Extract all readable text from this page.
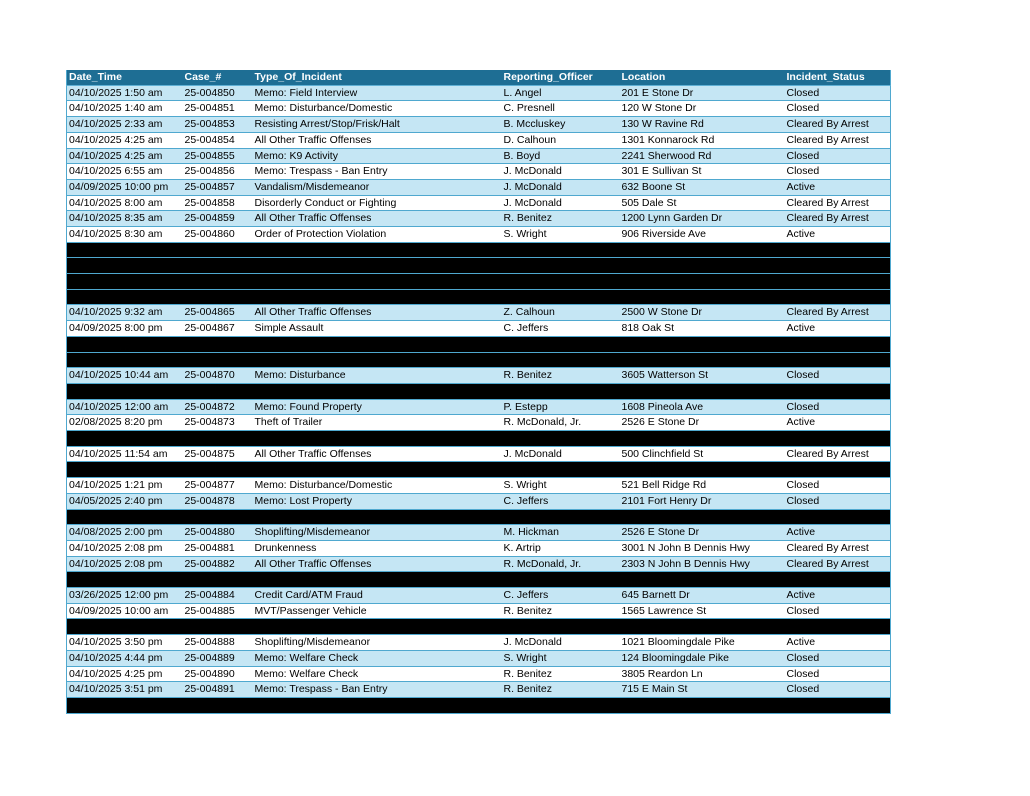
Date_Time	Case_#	Type_Of_Incident	Reporting_Officer	Location	Incident_Status
04/10/2025 1:50 am	25-004850	Memo: Field Interview	L. Angel	201 E Stone Dr	Closed
04/10/2025 1:40 am	25-004851	Memo: Disturbance/Domestic	C. Presnell	120 W Stone Dr	Closed
04/10/2025 2:33 am	25-004853	Resisting Arrest/Stop/Frisk/Halt	B. Mccluskey	130 W Ravine Rd	Cleared By Arrest
04/10/2025 4:25 am	25-004854	All Other Traffic Offenses	D. Calhoun	1301 Konnarock Rd	Cleared By Arrest
04/10/2025 4:25 am	25-004855	Memo: K9 Activity	B. Boyd	2241 Sherwood Rd	Closed
04/10/2025 6:55 am	25-004856	Memo: Trespass - Ban Entry	J. McDonald	301 E Sullivan St	Closed
04/09/2025 10:00 pm	25-004857	Vandalism/Misdemeanor	J. McDonald	632 Boone St	Active
04/10/2025 8:00 am	25-004858	Disorderly Conduct or Fighting	J. McDonald	505 Dale St	Cleared By Arrest
04/10/2025 8:35 am	25-004859	All Other Traffic Offenses	R. Benitez	1200 Lynn Garden Dr	Cleared By Arrest
04/10/2025 8:30 am	25-004860	Order of Protection Violation	S. Wright	906 Riverside Ave	Active

04/10/2025 9:32 am	25-004865	All Other Traffic Offenses	Z. Calhoun	2500 W Stone Dr	Cleared By Arrest
04/09/2025 8:00 pm	25-004867	Simple Assault	C. Jeffers	818 Oak St	Active

04/10/2025 10:44 am	25-004870	Memo: Disturbance	R. Benitez	3605 Watterson St	Closed

04/10/2025 12:00 am	25-004872	Memo: Found Property	P. Estepp	1608 Pineola Ave	Closed
02/08/2025 8:20 pm	25-004873	Theft of Trailer	R. McDonald, Jr.	2526 E Stone Dr	Active

04/10/2025 11:54 am	25-004875	All Other Traffic Offenses	J. McDonald	500 Clinchfield St	Cleared By Arrest

04/10/2025 1:21 pm	25-004877	Memo: Disturbance/Domestic	S. Wright	521 Bell Ridge Rd	Closed
04/05/2025 2:40 pm	25-004878	Memo: Lost Property	C. Jeffers	2101 Fort Henry Dr	Closed

04/08/2025 2:00 pm	25-004880	Shoplifting/Misdemeanor	M. Hickman	2526 E Stone Dr	Active
04/10/2025 2:08 pm	25-004881	Drunkenness	K. Artrip	3001 N John B Dennis Hwy	Cleared By Arrest
04/10/2025 2:08 pm	25-004882	All Other Traffic Offenses	R. McDonald, Jr.	2303 N John B Dennis Hwy	Cleared By Arrest

03/26/2025 12:00 pm	25-004884	Credit Card/ATM Fraud	C. Jeffers	645 Barnett Dr	Active
04/09/2025 10:00 am	25-004885	MVT/Passenger Vehicle	R. Benitez	1565 Lawrence St	Closed

04/10/2025 3:50 pm	25-004888	Shoplifting/Misdemeanor	J. McDonald	1021 Bloomingdale Pike	Active
04/10/2025 4:44 pm	25-004889	Memo: Welfare Check	S. Wright	124 Bloomingdale Pike	Closed
04/10/2025 4:25 pm	25-004890	Memo: Welfare Check	R. Benitez	3805 Reardon Ln	Closed
04/10/2025 3:51 pm	25-004891	Memo: Trespass - Ban Entry	R. Benitez	715 E Main St	Closed
